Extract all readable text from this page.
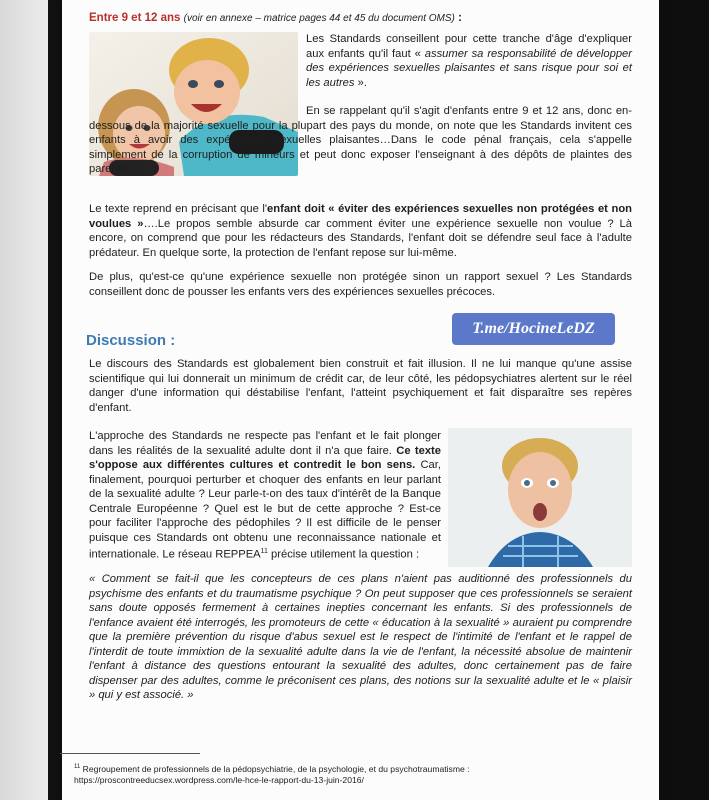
Entre 9 et 12 ans (voir en annexe – matrice pages 44 et 45 du document OMS) :

Les Standards conseillent pour cette tranche d'âge d'expliquer aux enfants qu'il faut « assumer sa responsabilité de développer des expériences sexuelles plaisantes et sans risque pour soi et les autres ».

En se rappelant qu'il s'agit d'enfants entre 9 et 12 ans, donc en-dessous de la majorité sexuelle pour la plupart des pays du monde, on note que les Standards invitent ces enfants à avoir des expériences sexuelles plaisantes…Dans le code pénal français, cela s'appelle simplement de la corruption de mineurs et peut donc exposer l'enseignant à des dépôts de plaintes des parents.

Le texte reprend en précisant que l'enfant doit « éviter des expériences sexuelles non protégées et non voulues »….Le propos semble absurde car comment éviter une expérience sexuelle non voulue ? Là encore, on comprend que pour les rédacteurs des Standards, l'enfant doit se défendre seul face à l'adulte prédateur. En quelque sorte, la protection de l'enfant repose sur lui-même.

De plus, qu'est-ce qu'une expérience sexuelle non protégée sinon un rapport sexuel ? Les Standards conseillent donc de pousser les enfants vers des expériences sexuelles précoces.

Discussion :
T.me/HocineLeDZ

Le discours des Standards est globalement bien construit et fait illusion. Il ne lui manque qu'une assise scientifique qui lui donnerait un minimum de crédit car, de leur côté, les pédopsychiatres alertent sur le réel danger d'une information qui déstabilise l'enfant, l'atteint psychiquement et fait disparaître ses repères d'enfant.

L'approche des Standards ne respecte pas l'enfant et le fait plonger dans les réalités de la sexualité adulte dont il n'a que faire. Ce texte s'oppose aux différentes cultures et contredit le bon sens. Car, finalement, pourquoi perturber et choquer des enfants en leur parlant de la sexualité adulte ? Leur parle-t-on des taux d'intérêt de la Banque Centrale Européenne ? Quel est le but de cette approche ? Est-ce pour faciliter l'approche des pédophiles ? Il est difficile de le penser puisque ces Standards ont obtenu une reconnaissance nationale et internationale. Le réseau REPPEA$^{11}$ précise utilement la question :

« Comment se fait-il que les concepteurs de ces plans n'aient pas auditionné des professionnels du psychisme des enfants et du traumatisme psychique ? On peut supposer que ces professionnels se seraient sans doute opposés fermement à certaines inepties concernant les enfants. Si des professionnels de l'enfance avaient été interrogés, les promoteurs de cette « éducation à la sexualité » auraient pu comprendre que la première prévention du risque d'abus sexuel est le respect de l'intimité de l'enfant et le rappel de l'interdit de toute immixtion de la sexualité adulte dans la vie de l'enfant, la nécessité absolue de maintenir l'enfant à distance des questions entourant la sexualité des adultes, donc certainement pas de faire dispenser par des adultes, comme le préconisent ces plans, des notions sur la sexualité adulte et le « plaisir » qui y est associé. »

$^{11}$ Regroupement de professionnels de la pédopsychiatrie, de la psychologie, et du psychotraumatisme :
https://proscontreeducsex.wordpress.com/le-hce-le-rapport-du-13-juin-2016/
